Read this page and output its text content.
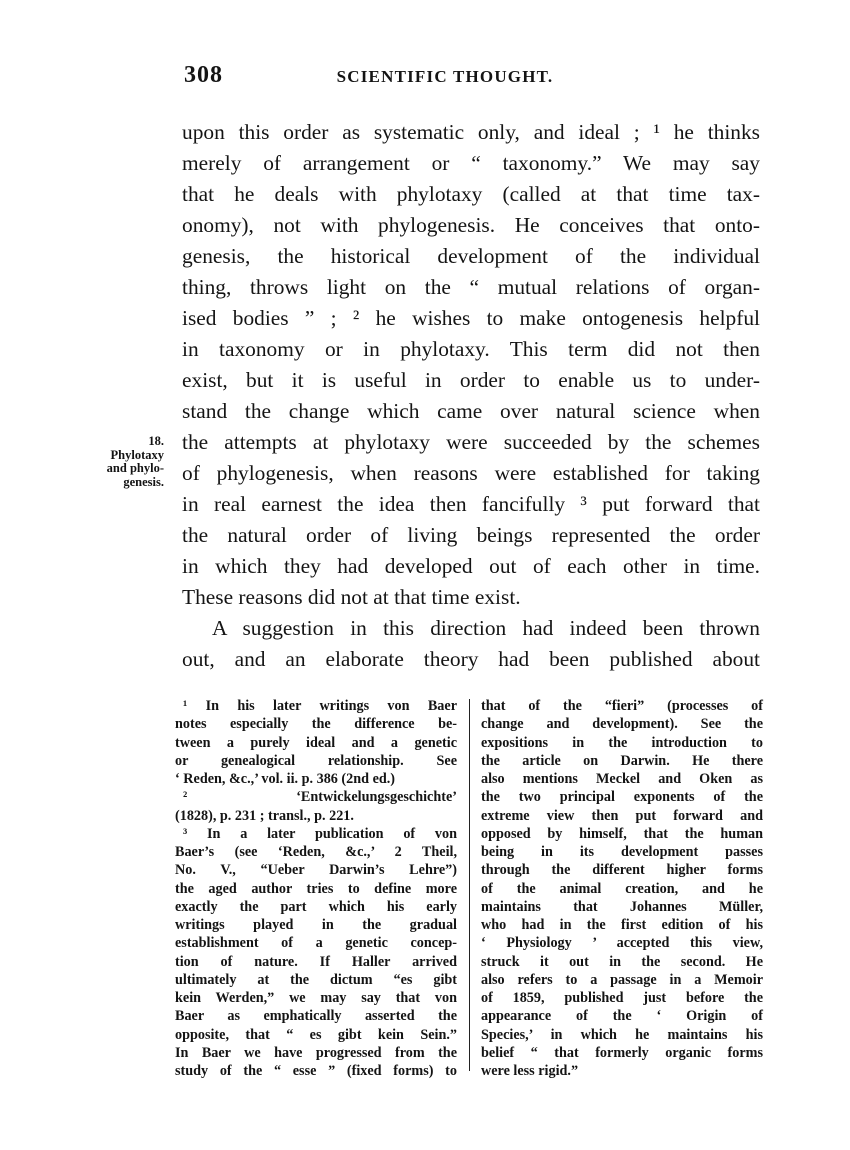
308	SCIENTIFIC THOUGHT.
18.
Phylotaxy
and phylo-
genesis.
upon this order as systematic only, and ideal ; ¹ he thinks
merely of arrangement or “ taxonomy.” We may say
that he deals with phylotaxy (called at that time tax-
onomy), not with phylogenesis. He conceives that onto-
genesis, the historical development of the individual
thing, throws light on the “ mutual relations of organ-
ised bodies ” ; ² he wishes to make ontogenesis helpful
in taxonomy or in phylotaxy. This term did not then
exist, but it is useful in order to enable us to under-
stand the change which came over natural science when
the attempts at phylotaxy were succeeded by the schemes
of phylogenesis, when reasons were established for taking
in real earnest the idea then fancifully ³ put forward that
the natural order of living beings represented the order
in which they had developed out of each other in time.
These reasons did not at that time exist.
A suggestion in this direction had indeed been thrown
out, and an elaborate theory had been published about
¹ In his later writings von Baer
notes especially the difference be-
tween a purely ideal and a genetic
or genealogical relationship. See
‘ Reden, &c.,’ vol. ii. p. 386 (2nd ed.)
² ‘Entwickelungsgeschichte’
(1828), p. 231 ; transl., p. 221.
³ In a later publication of von
Baer’s (see ‘Reden, &c.,’ 2 Theil,
No. V., “Ueber Darwin’s Lehre”)
the aged author tries to define more
exactly the part which his early
writings played in the gradual
establishment of a genetic concep-
tion of nature. If Haller arrived
ultimately at the dictum “es gibt
kein Werden,” we may say that von
Baer as emphatically asserted the
opposite, that “ es gibt kein Sein.”
In Baer we have progressed from the
study of the “ esse ” (fixed forms) to
that of the “fieri” (processes of
change and development). See the
expositions in the introduction to
the article on Darwin. He there
also mentions Meckel and Oken as
the two principal exponents of the
extreme view then put forward and
opposed by himself, that the human
being in its development passes
through the different higher forms
of the animal creation, and he
maintains that Johannes Müller,
who had in the first edition of his
‘ Physiology ’ accepted this view,
struck it out in the second. He
also refers to a passage in a Memoir
of 1859, published just before the
appearance of the ‘ Origin of
Species,’ in which he maintains his
belief “ that formerly organic forms
were less rigid.”
